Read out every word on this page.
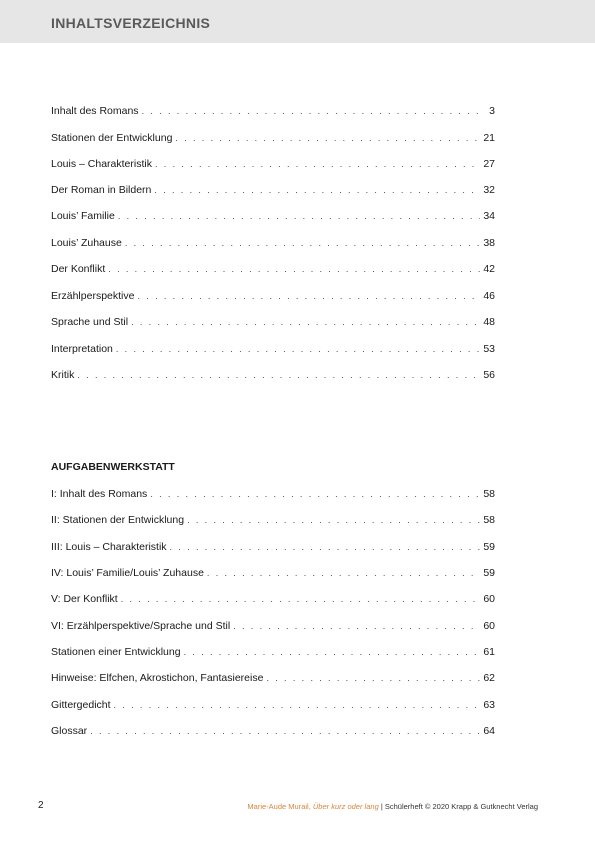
INHALTSVERZEICHNIS
Inhalt des Romans . . .	3
Stationen der Entwicklung . . .	21
Louis – Charakteristik . . .	27
Der Roman in Bildern . . .	32
Louis’ Familie . . .	34
Louis’ Zuhause . . .	38
Der Konflikt . . .	42
Erzählperspektive . . .	46
Sprache und Stil . . .	48
Interpretation . . .	53
Kritik . . .	56
AUFGABENWERKSTATT
I: Inhalt des Romans . . .	58
II: Stationen der Entwicklung . . .	58
III: Louis – Charakteristik . . .	59
IV: Louis’ Familie/Louis’ Zuhause . . .	59
V: Der Konflikt . . .	60
VI: Erzählperspektive/Sprache und Stil . . .	60
Stationen einer Entwicklung . . .	61
Hinweise: Elfchen, Akrostichon, Fantasiereise . . .	62
Gittergedicht . . .	63
Glossar . . .	64
2	Marie-Aude Murail, Über kurz oder lang | Schülerheft © 2020 Krapp & Gutknecht Verlag
